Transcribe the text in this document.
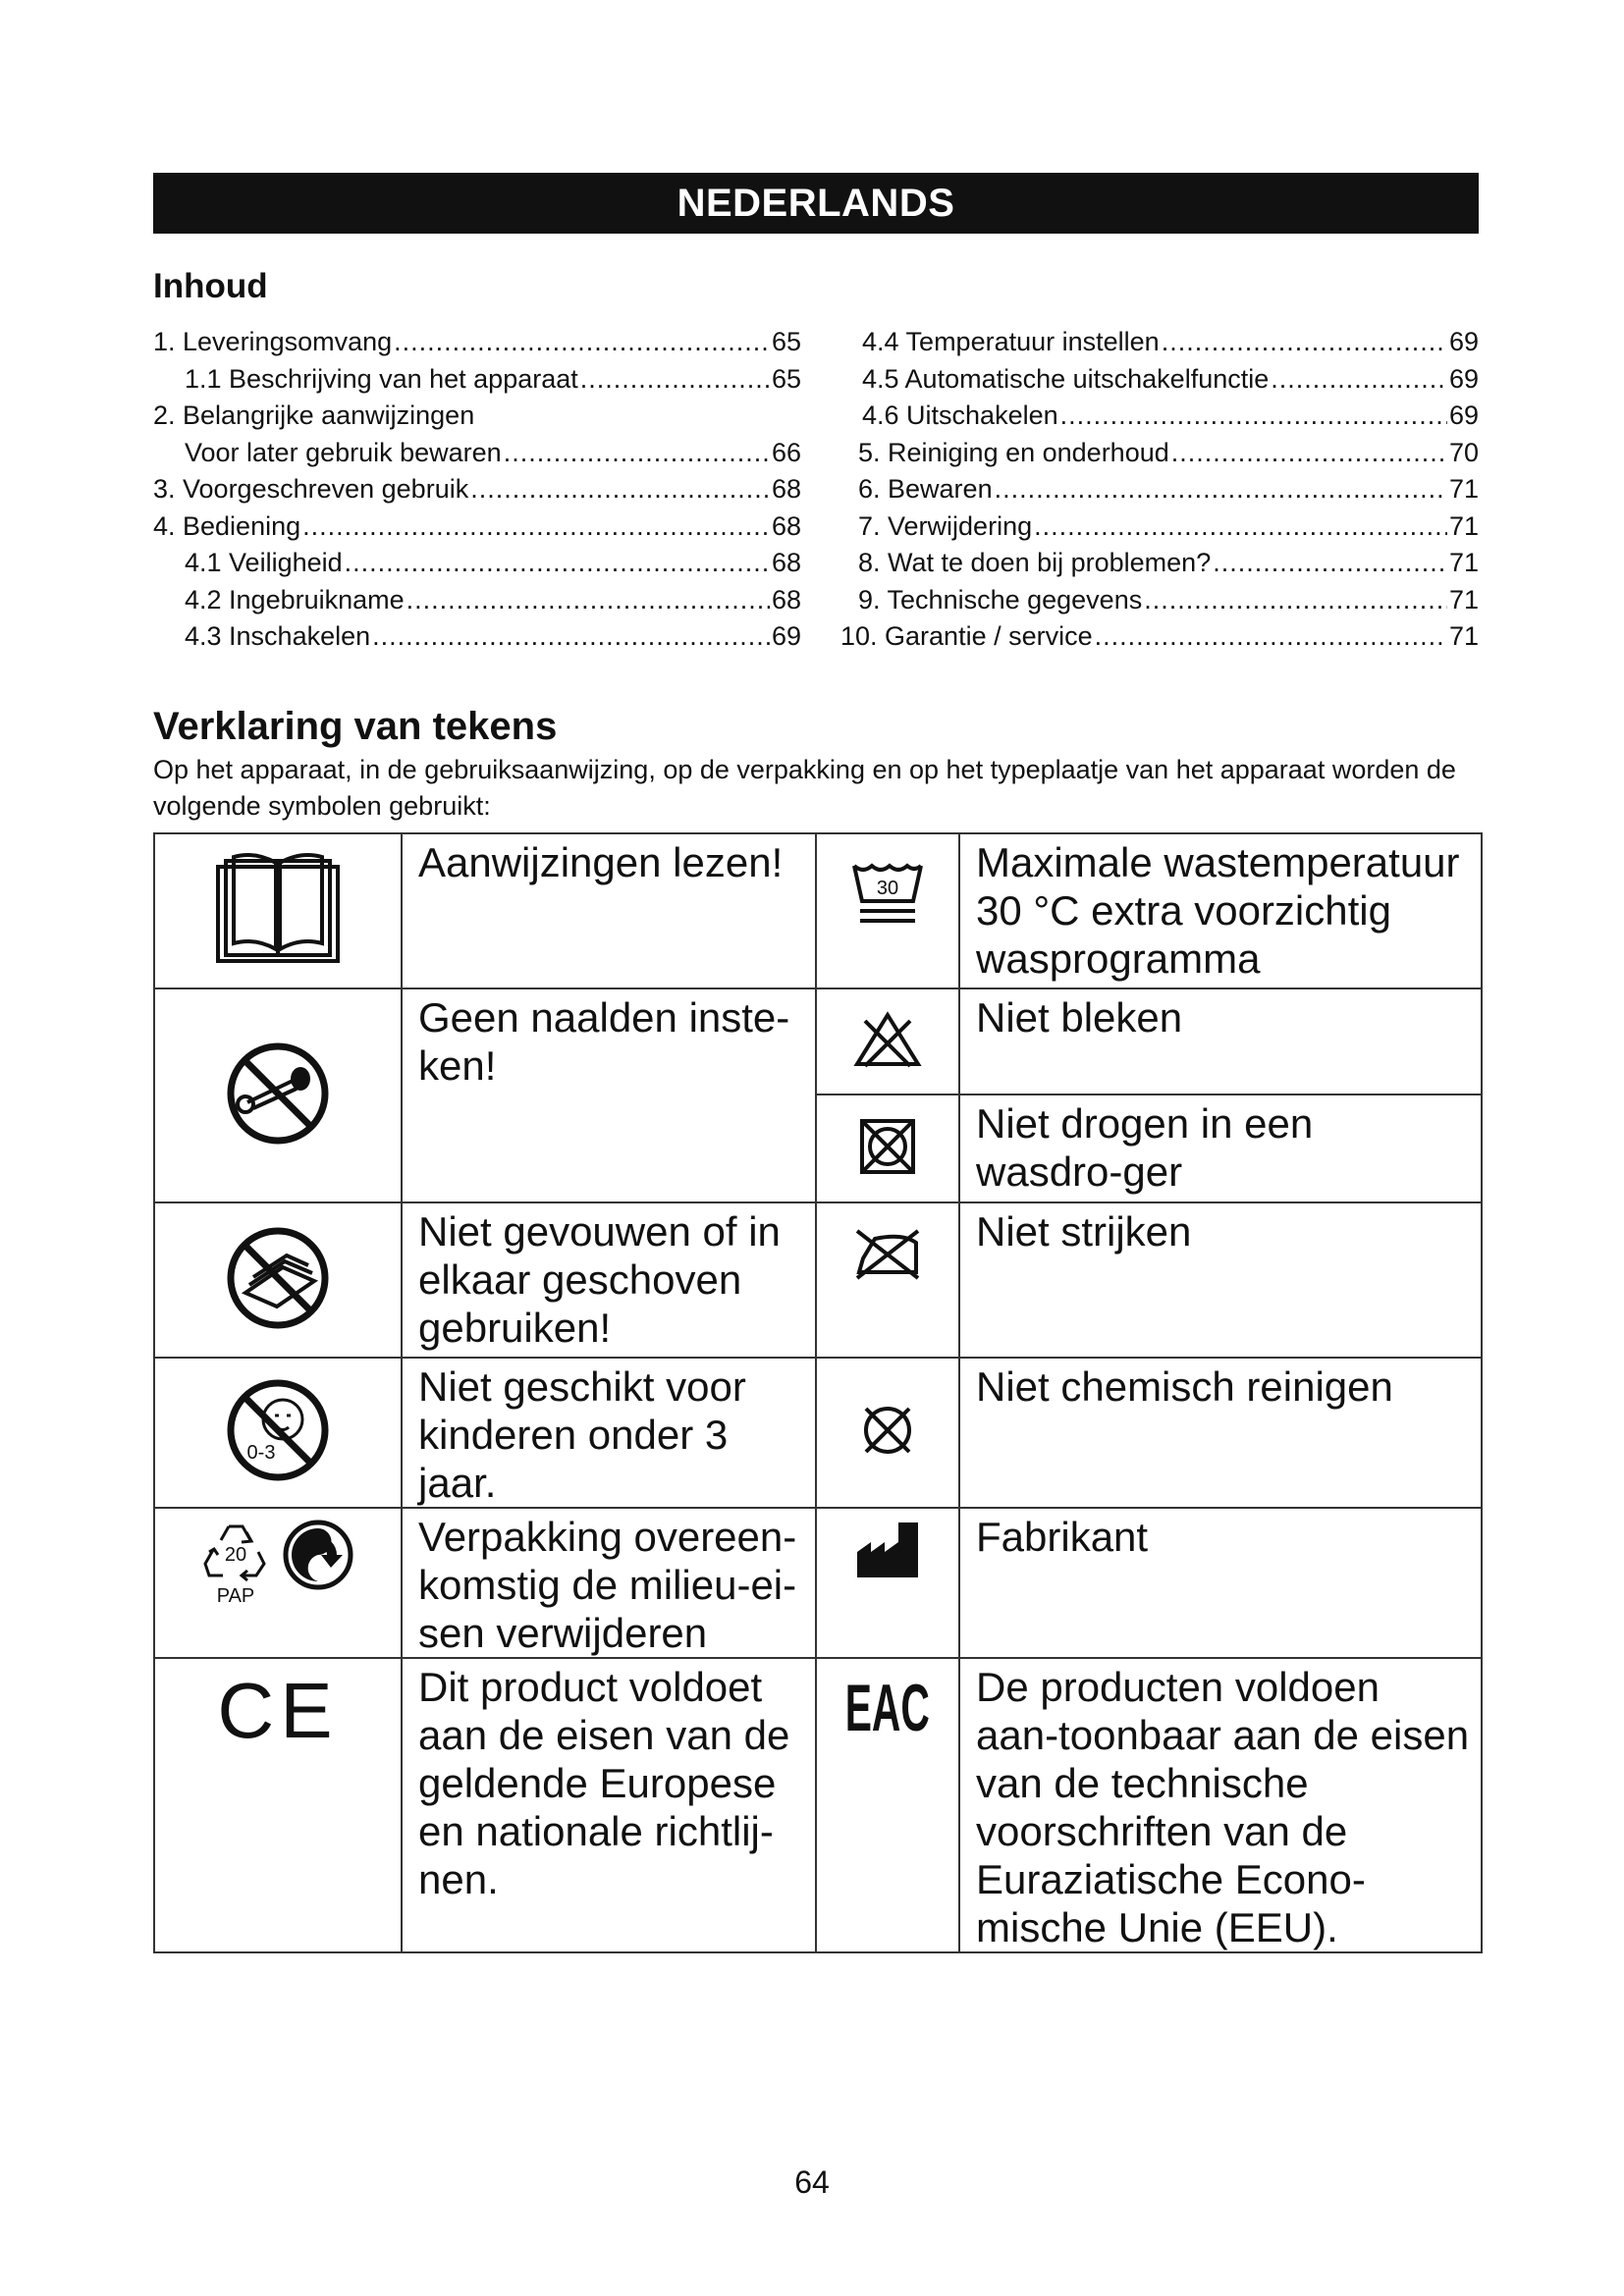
NEDERLANDS
Inhoud
1. Leveringsomvang .....	65
1.1 Beschrijving van het apparaat .....	65
2. Belangrijke aanwijzingen
Voor later gebruik bewaren .....	66
3. Voorgeschreven gebruik .....	68
4. Bediening .....	68
4.1 Veiligheid .....	68
4.2 Ingebruikname .....	68
4.3 Inschakelen .....	69
4.4 Temperatuur instellen .....	69
4.5 Automatische uitschakelfunctie .....	69
4.6 Uitschakelen .....	69
5. Reiniging en onderhoud .....	70
6. Bewaren .....	71
7. Verwijdering .....	71
8. Wat te doen bij problemen? .....	71
9. Technische gegevens .....	71
10. Garantie / service .....	71
Verklaring van tekens
Op het apparaat, in de gebruiksaanwijzing, op de verpakking en op het typeplaatje van het apparaat worden de volgende symbolen gebruikt:
	Aanwijzingen lezen!	30	Maximale wastemperatuur 30 °C extra voorzichtig wasprogramma
	Geen naalden inste-ken!		Niet bleken
	Niet drogen in een wasdro-ger
	Niet gevouwen of in elkaar geschoven gebruiken!		Niet strijken

0-3	Niet geschikt voor kinderen onder 3 jaar.		Niet chemisch reinigen

20
PAP	Verpakking overeen-komstig de milieu-ei-sen verwijderen		Fabrikant
CE	Dit product voldoet aan de eisen van de geldende Europese en nationale richtlij-nen.	EAC	De producten voldoen aan-toonbaar aan de eisen van de technische voorschriften van de Euraziatische Econo-mische Unie (EEU).
64
